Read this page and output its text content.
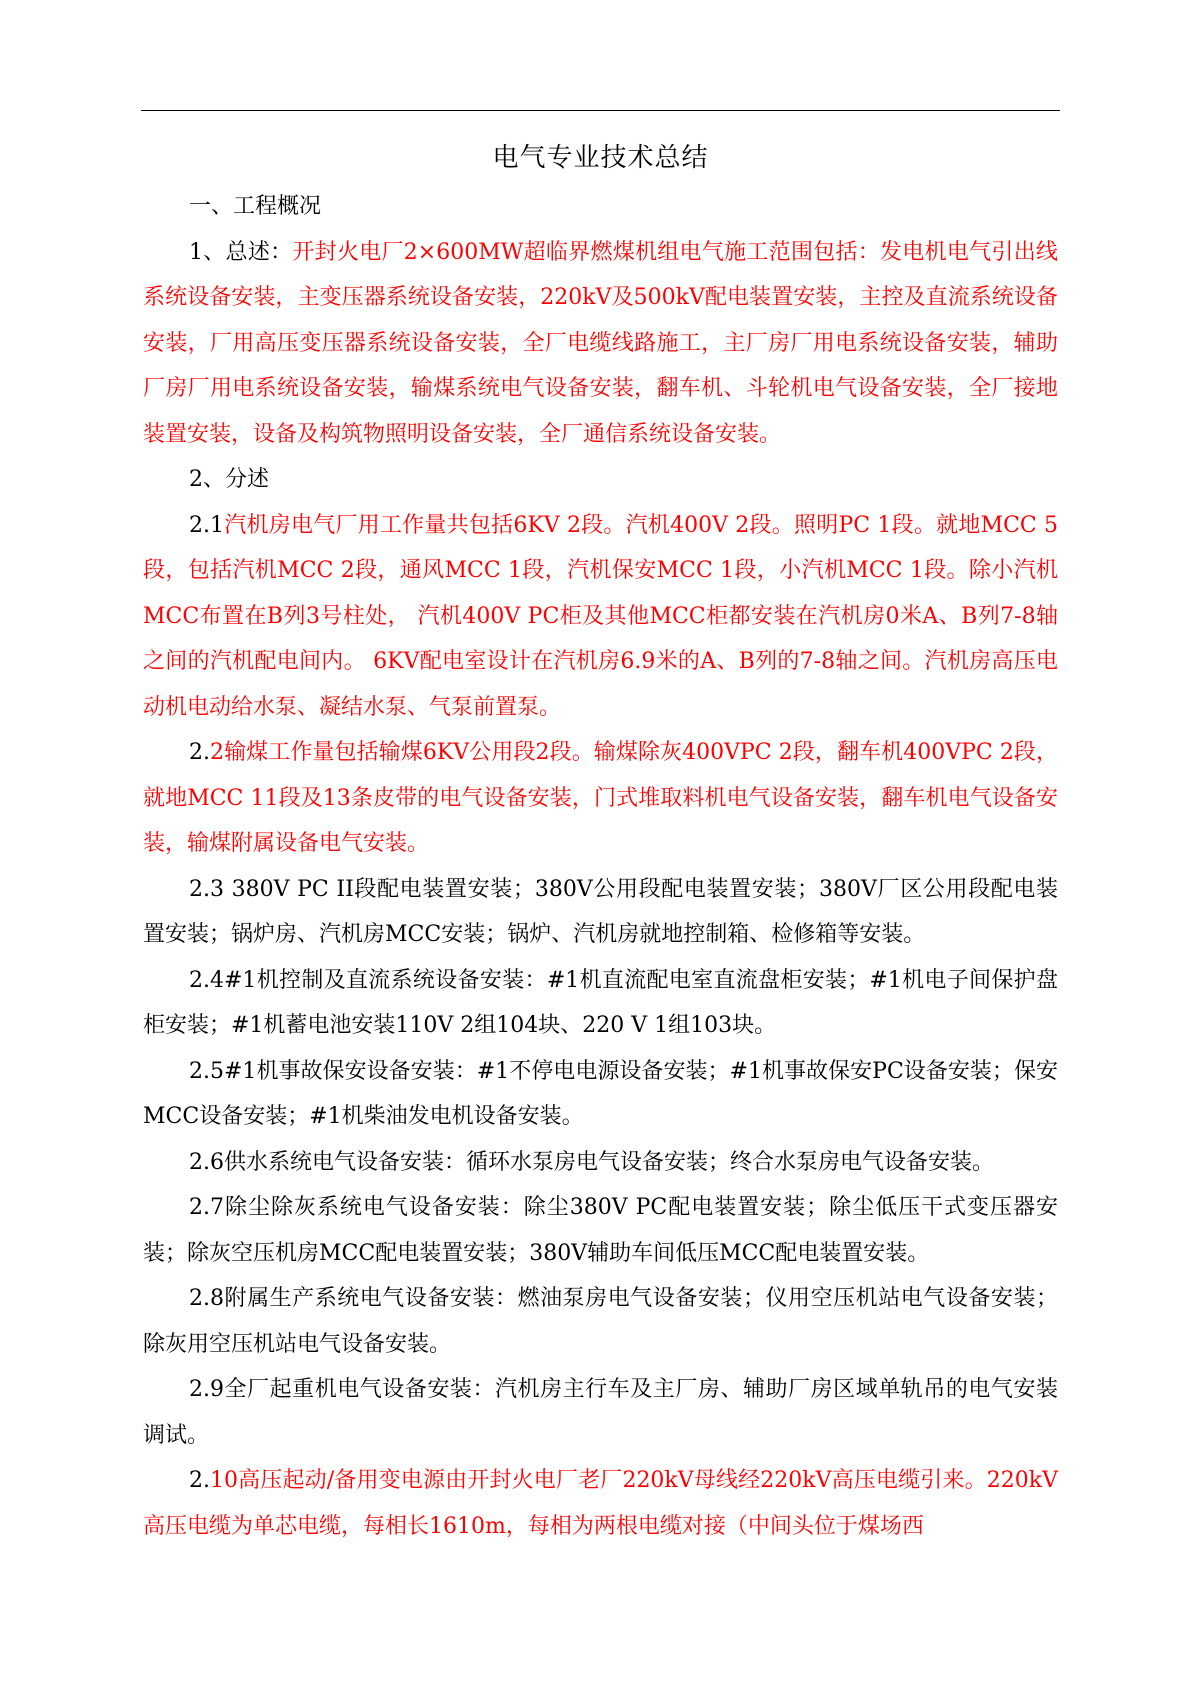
电气专业技术总结

一、工程概况

1、总述：开封火电厂2×600MW超临界燃煤机组电气施工范围包括：发电机电气引出线系统设备安装，主变压器系统设备安装，220kV及500kV配电装置安装，主控及直流系统设备安装，厂用高压变压器系统设备安装，全厂电缆线路施工，主厂房厂用电系统设备安装，辅助厂房厂用电系统设备安装，输煤系统电气设备安装，翻车机、斗轮机电气设备安装，全厂接地装置安装，设备及构筑物照明设备安装，全厂通信系统设备安装。

2、分述

2.1汽机房电气厂用工作量共包括6KV 2段。汽机400V 2段。照明PC 1段。就地MCC 5段，包括汽机MCC 2段，通风MCC 1段，汽机保安MCC 1段，小汽机MCC 1段。除小汽机MCC布置在B列3号柱处， 汽机400V PC柜及其他MCC柜都安装在汽机房0米A、B列7-8轴之间的汽机配电间内。 6KV配电室设计在汽机房6.9米的A、B列的7-8轴之间。汽机房高压电动机电动给水泵、凝结水泵、气泵前置泵。

2.2输煤工作量包括输煤6KV公用段2段。输煤除灰400VPC 2段，翻车机400VPC 2段，就地MCC 11段及13条皮带的电气设备安装，门式堆取料机电气设备安装，翻车机电气设备安装，输煤附属设备电气安装。

2.3 380V PC II段配电装置安装；380V公用段配电装置安装；380V厂区公用段配电装置安装；锅炉房、汽机房MCC安装；锅炉、汽机房就地控制箱、检修箱等安装。

2.4#1机控制及直流系统设备安装：#1机直流配电室直流盘柜安装；#1机电子间保护盘柜安装；#1机蓄电池安装110V 2组104块、220 V 1组103块。

2.5#1机事故保安设备安装：#1不停电电源设备安装；#1机事故保安PC设备安装；保安MCC设备安装；#1机柴油发电机设备安装。

2.6供水系统电气设备安装：循环水泵房电气设备安装；终合水泵房电气设备安装。

2.7除尘除灰系统电气设备安装：除尘380V PC配电装置安装；除尘低压干式变压器安装；除灰空压机房MCC配电装置安装；380V辅助车间低压MCC配电装置安装。

2.8附属生产系统电气设备安装：燃油泵房电气设备安装；仪用空压机站电气设备安装；除灰用空压机站电气设备安装。

2.9全厂起重机电气设备安装：汽机房主行车及主厂房、辅助厂房区域单轨吊的电气安装调试。

2.10高压起动/备用变电源由开封火电厂老厂220kV母线经220kV高压电缆引来。220kV高压电缆为单芯电缆，每相长1610m，每相为两根电缆对接（中间头位于煤场西
